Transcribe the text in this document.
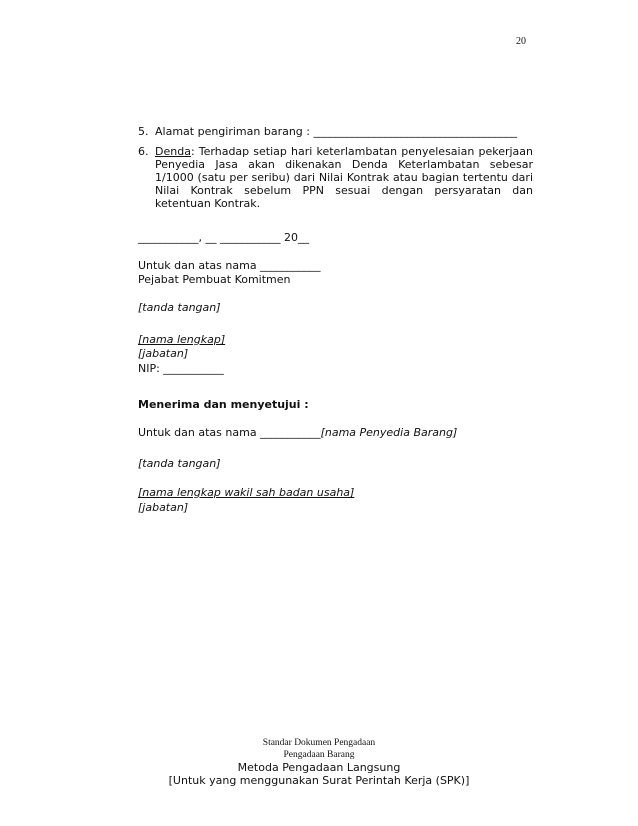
20
5. Alamat pengiriman barang : _____________________________________
6. Denda: Terhadap setiap hari keterlambatan penyelesaian pekerjaan Penyedia Jasa akan dikenakan Denda Keterlambatan sebesar 1/1000 (satu per seribu) dari Nilai Kontrak atau bagian tertentu dari Nilai Kontrak sebelum PPN sesuai dengan persyaratan dan ketentuan Kontrak.
___________, __ ___________ 20__
Untuk dan atas nama ___________
Pejabat Pembuat Komitmen
[tanda tangan]
[nama lengkap]
[jabatan]
NIP: ___________
Menerima dan menyetujui :
Untuk dan atas nama ___________[nama Penyedia Barang]
[tanda tangan]
[nama lengkap wakil sah badan usaha]
[jabatan]
Standar Dokumen Pengadaan
Pengadaan Barang
Metoda Pengadaan Langsung
[Untuk yang menggunakan Surat Perintah Kerja (SPK)]
